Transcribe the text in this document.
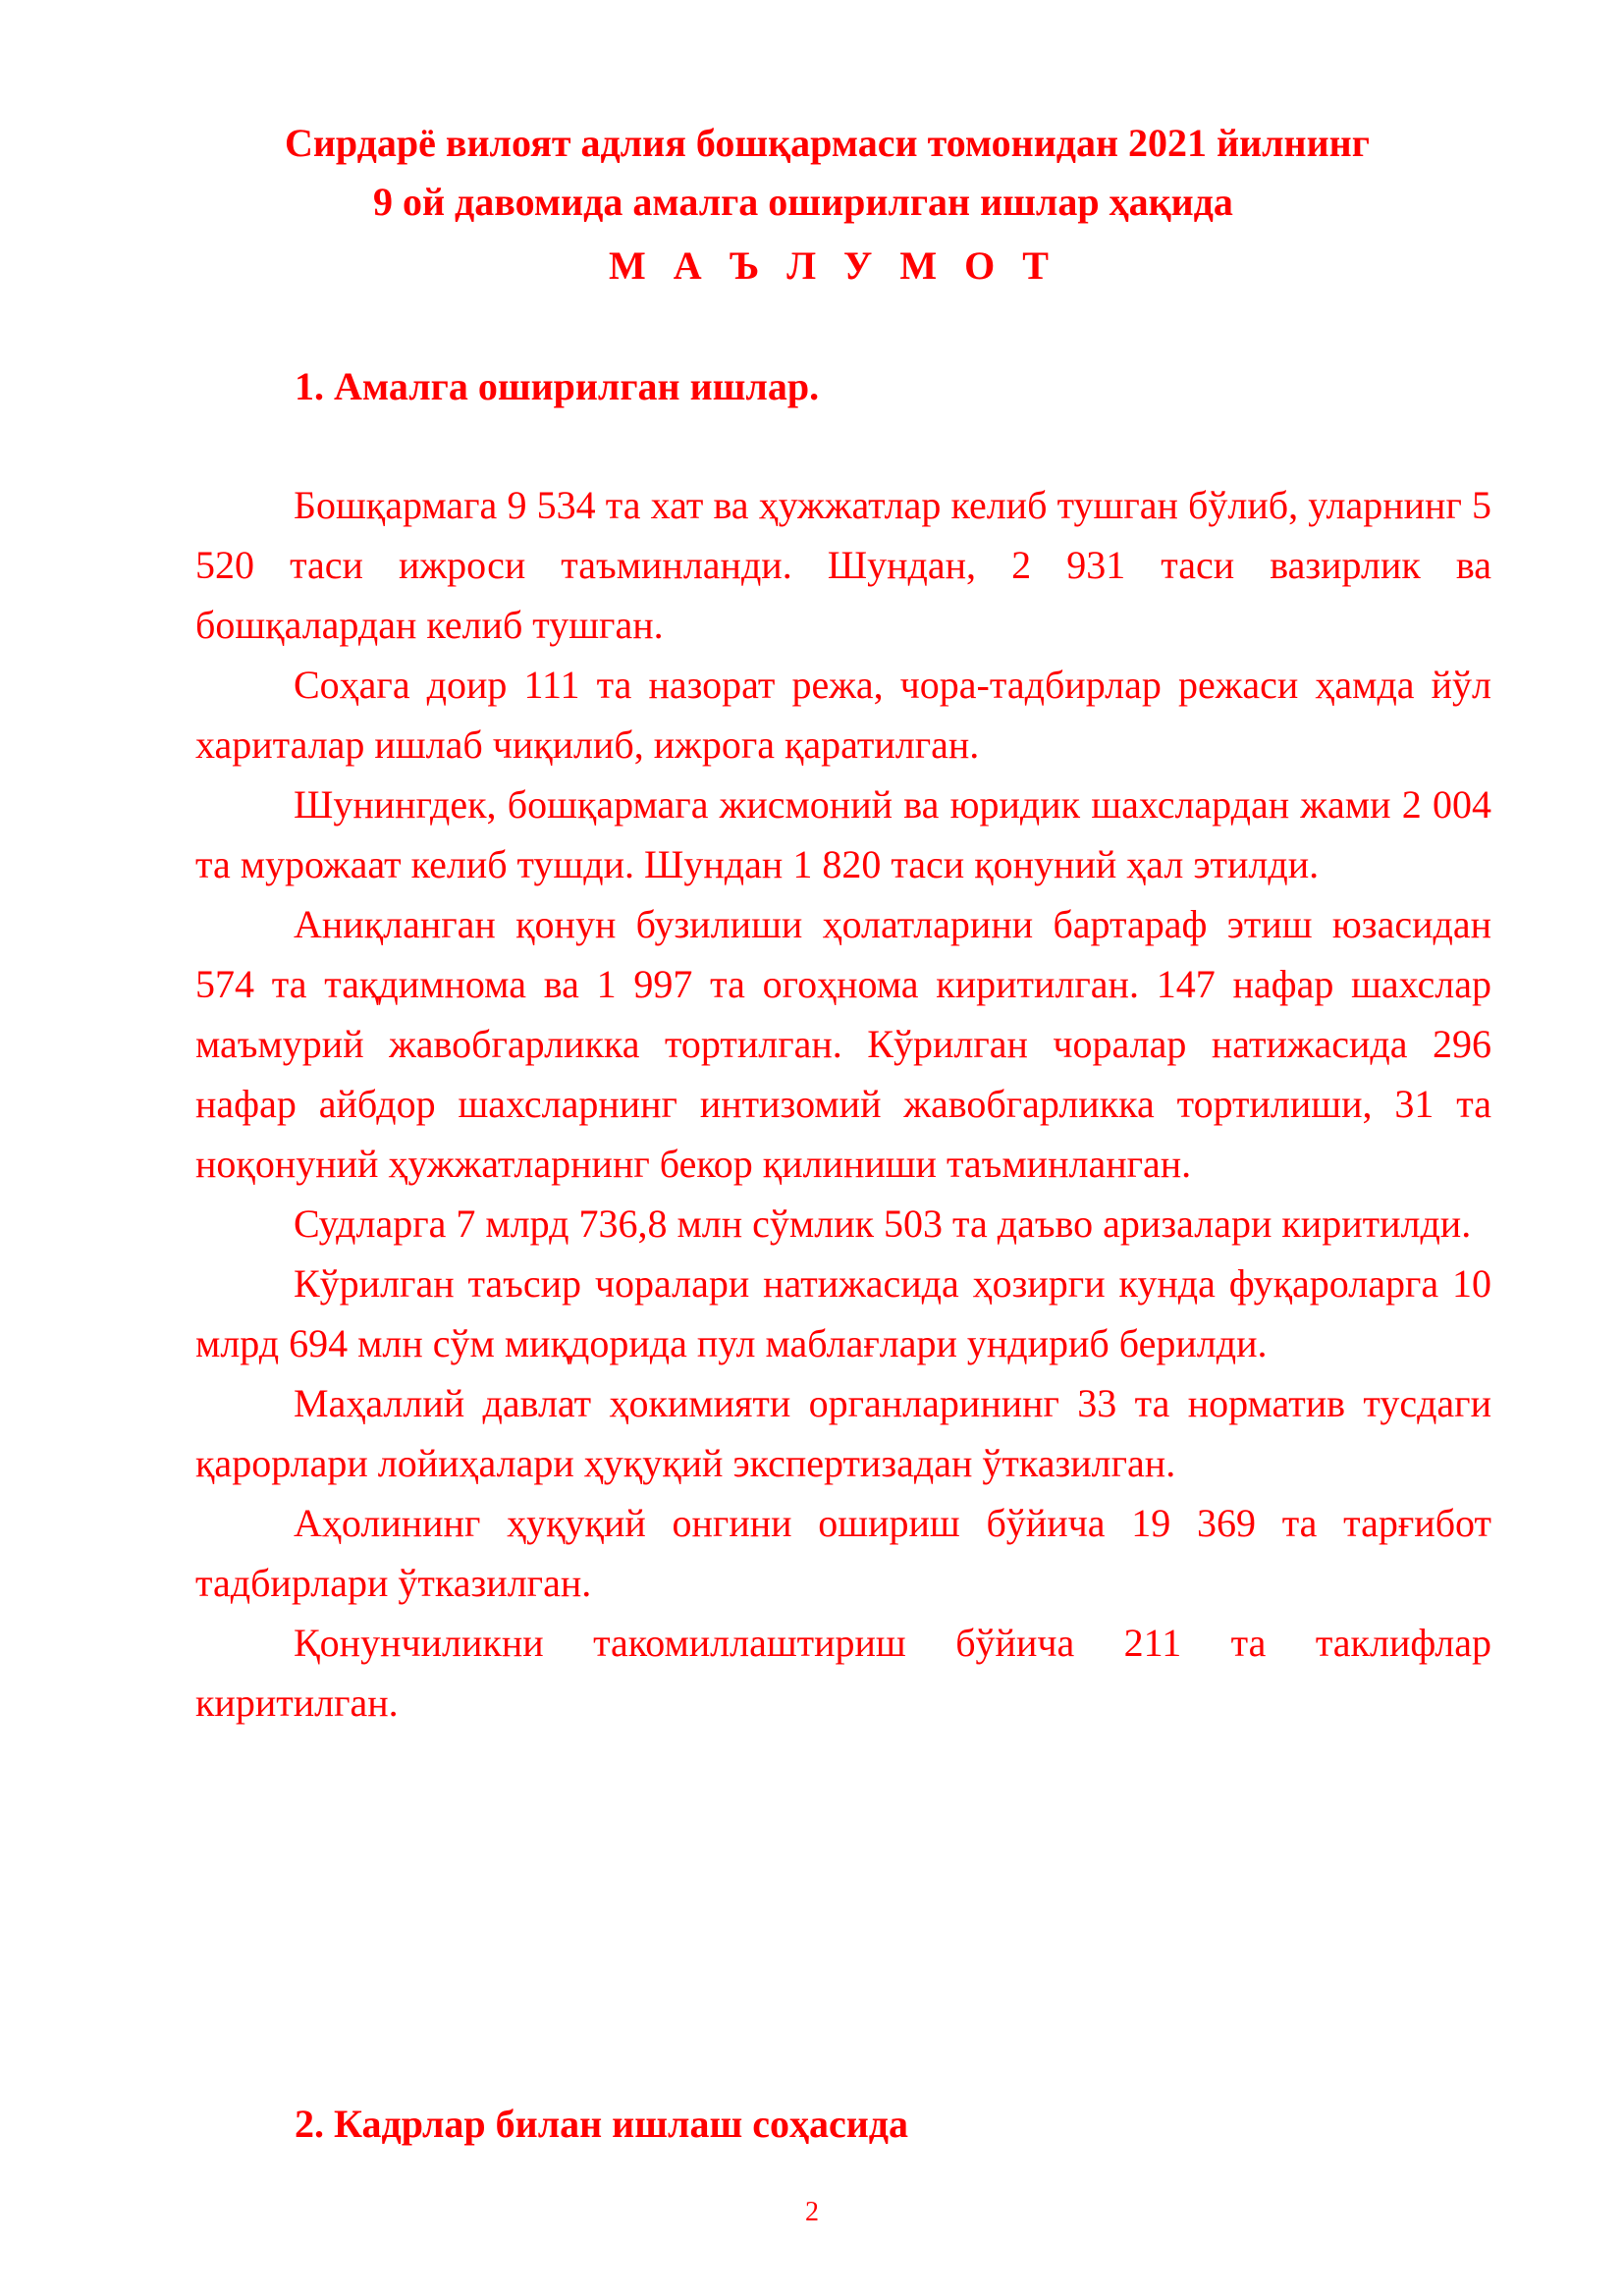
Сирдарё вилоят адлия бошқармаси томонидан 2021 йилнинг

9 ой давомида амалга оширилган ишлар ҳақида

М А Ъ Л У М О Т

1. Амалга оширилган ишлар.

Бошқармага 9 534 та хат ва ҳужжатлар келиб тушган бўлиб, уларнинг 5 520 таси ижроси таъминланди. Шундан, 2 931 таси вазирлик ва бошқалардан келиб тушган.

Соҳага доир 111 та назорат режа, чора-тадбирлар режаси ҳамда йўл хариталар ишлаб чиқилиб, ижрога қаратилган.

Шунингдек, бошқармага жисмоний ва юридик шахслардан жами 2 004 та мурожаат келиб тушди. Шундан 1 820 таси қонуний ҳал этилди.

Аниқланган қонун бузилиши ҳолатларини бартараф этиш юзасидан 574 та тақдимнома ва 1 997 та огоҳнома киритилган. 147 нафар шахслар маъмурий жавобгарликка тортилган. Кўрилган чоралар натижасида 296 нафар айбдор шахсларнинг интизомий жавобгарликка тортилиши, 31 та ноқонуний ҳужжатларнинг бекор қилиниши таъминланган.

Судларга 7 млрд 736,8 млн сўмлик 503 та даъво аризалари киритилди.

Кўрилган таъсир чоралари натижасида ҳозирги кунда фуқароларга 10 млрд 694 млн сўм миқдорида пул маблағлари ундириб берилди.

Маҳаллий давлат ҳокимияти органларининг 33 та норматив тусдаги қарорлари лойиҳалари ҳуқуқий экспертизадан ўтказилган.

Аҳолининг ҳуқуқий онгини ошириш бўйича 19 369 та тарғибот тадбирлари ўтказилган.

Қонунчиликни такомиллаштириш бўйича 211 та таклифлар киритилган.

2. Кадрлар билан ишлаш соҳасида

2
